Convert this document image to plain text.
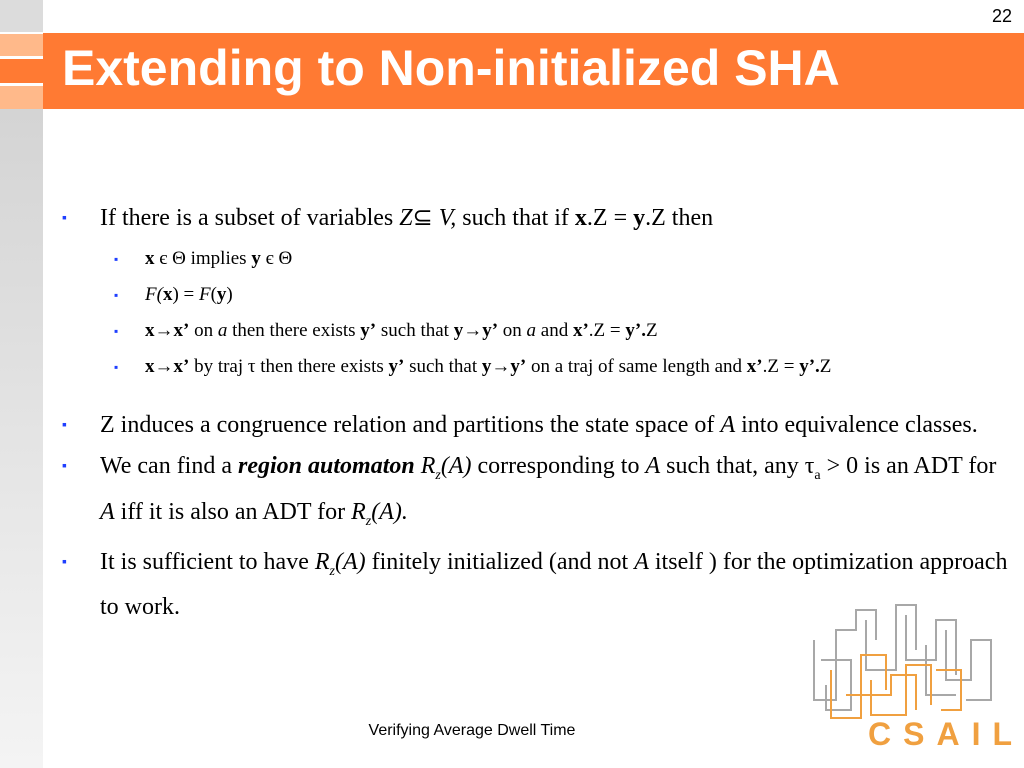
22
Extending to Non-initialized SHA
▪ If there is a subset of variables Z⊆ V, such that if x.Z = y.Z then
▪ x є Θ implies y є Θ
▪ F(x) = F(y)
▪ x→x’ on a then there exists y’ such that y→y’ on a and x’.Z = y’.Z
▪ x→x’ by traj τ then there exists y’ such that y→y’ on a traj of same length and x’.Z = y’.Z
▪ Z induces a congruence relation and partitions the state space of A into equivalence classes.
▪ We can find a region automaton $R_z(A)$ corresponding to A such that, any $\tau_a > 0$ is an ADT for A iff it is also an ADT for $R_z(A)$.
▪ It is sufficient to have $R_z(A)$ finitely initialized (and not A itself ) for the optimization approach to work.
CSAIL
Verifying Average Dwell Time
